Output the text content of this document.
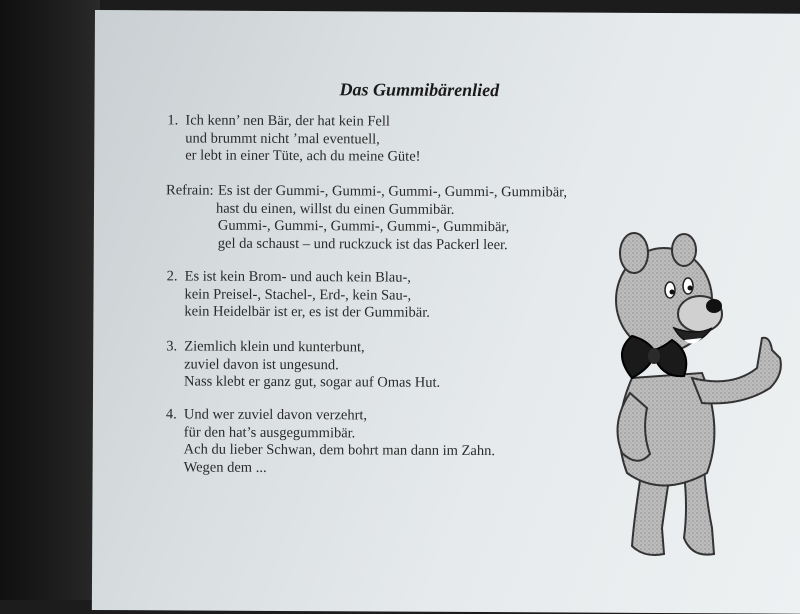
Das Gummibärenlied
1. Ich kenn’ nen Bär, der hat kein Fell
und brummt nicht ’mal eventuell,
er lebt in einer Tüte, ach du meine Güte!
Refrain: Es ist der Gummi-, Gummi-, Gummi-, Gummi-, Gummibär,
hast du einen, willst du einen Gummibär.
Gummi-, Gummi-, Gummi-, Gummi-, Gummibär,
gel da schaust – und ruckzuck ist das Packerl leer.
2. Es ist kein Brom- und auch kein Blau-,
kein Preisel-, Stachel-, Erd-, kein Sau-,
kein Heidelbär ist er, es ist der Gummibär.
3. Ziemlich klein und kunterbunt,
zuviel davon ist ungesund.
Nass klebt er ganz gut, sogar auf Omas Hut.
4. Und wer zuviel davon verzehrt,
für den hat’s ausgegummibär.
Ach du lieber Schwan, dem bohrt man dann im Zahn.
Wegen dem ...
